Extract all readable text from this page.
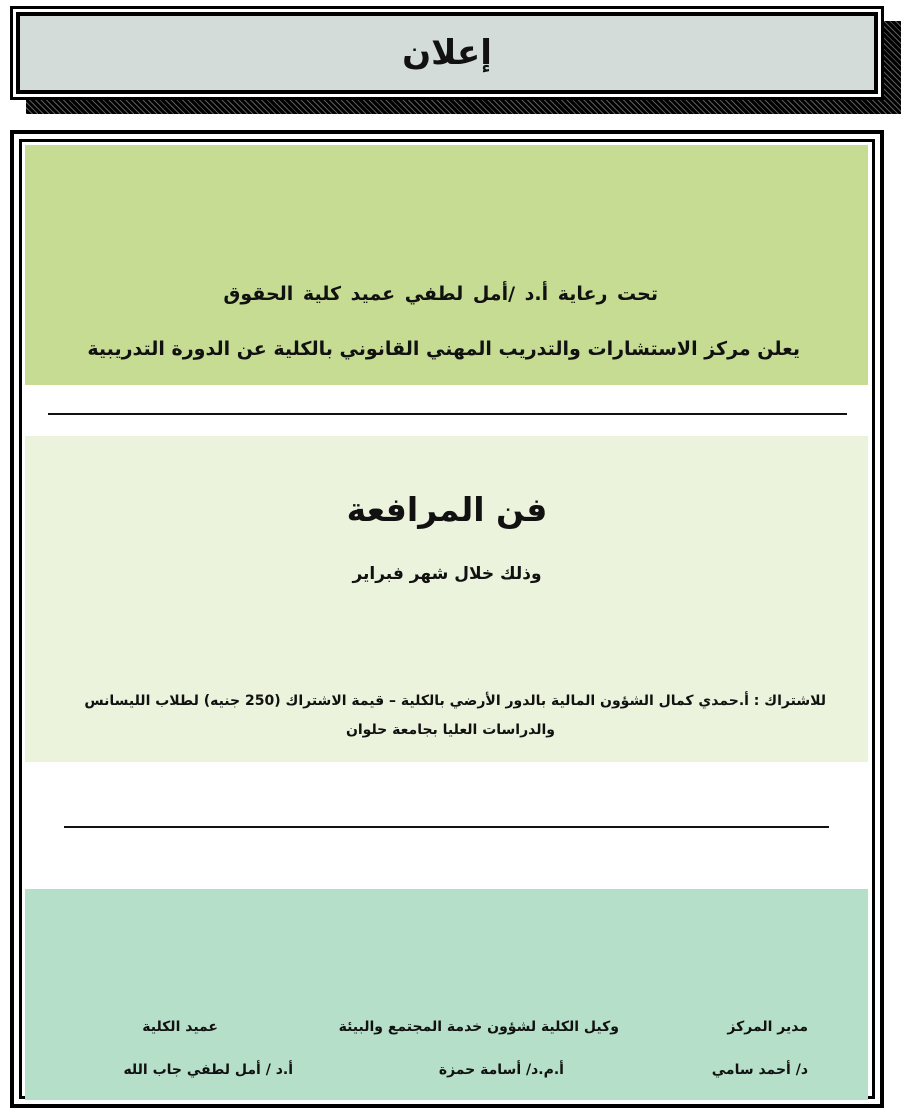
إعلان
تحت رعاية أ.د /أمل لطفي عميد كلية الحقوق
يعلن مركز الاستشارات والتدريب المهني القانوني بالكلية عن الدورة التدريبية
فن المرافعة
وذلك خلال شهر فبراير
للاشتراك : أ.حمدي كمال الشؤون المالية بالدور الأرضي بالكلية – قيمة الاشتراك (250 جنيه) لطلاب الليسانس
والدراسات العليا بجامعة حلوان
مدير المركز
د/ أحمد سامي
وكيل الكلية لشؤون خدمة المجتمع والبيئة
أ.م.د/ أسامة حمزة
عميد الكلية
أ.د / أمل لطفي جاب الله
